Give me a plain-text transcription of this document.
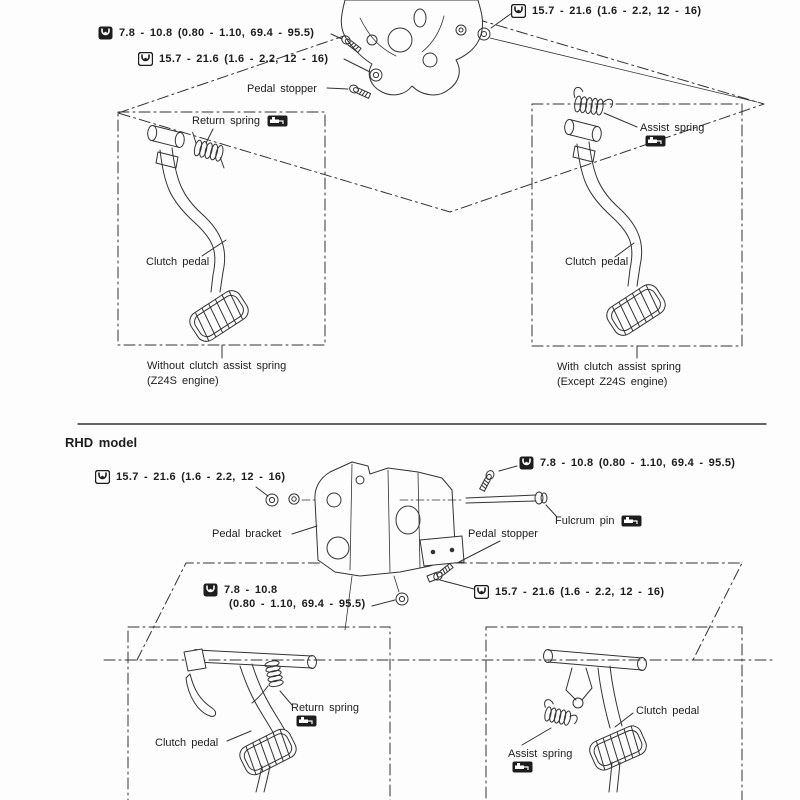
7.8 - 10.8 (0.80 - 1.10, 69.4 - 95.5)
15.7 - 21.6 (1.6 - 2.2, 12 - 16)
15.7 - 21.6 (1.6 - 2.2, 12 - 16)
Pedal stopper
Return spring
Assist spring
Clutch pedal	Clutch pedal
Without clutch assist spring
(Z24S engine)
With clutch assist spring
(Except Z24S engine)
RHD model
15.7 - 21.6 (1.6 - 2.2, 12 - 16)
7.8 - 10.8 (0.80 - 1.10, 69.4 - 95.5)
Fulcrum pin
Pedal bracket	Pedal stopper
7.8 - 10.8
(0.80 - 1.10, 69.4 - 95.5)
15.7 - 21.6 (1.6 - 2.2, 12 - 16)
Return spring
Clutch pedal
Assist spring
Clutch pedal
